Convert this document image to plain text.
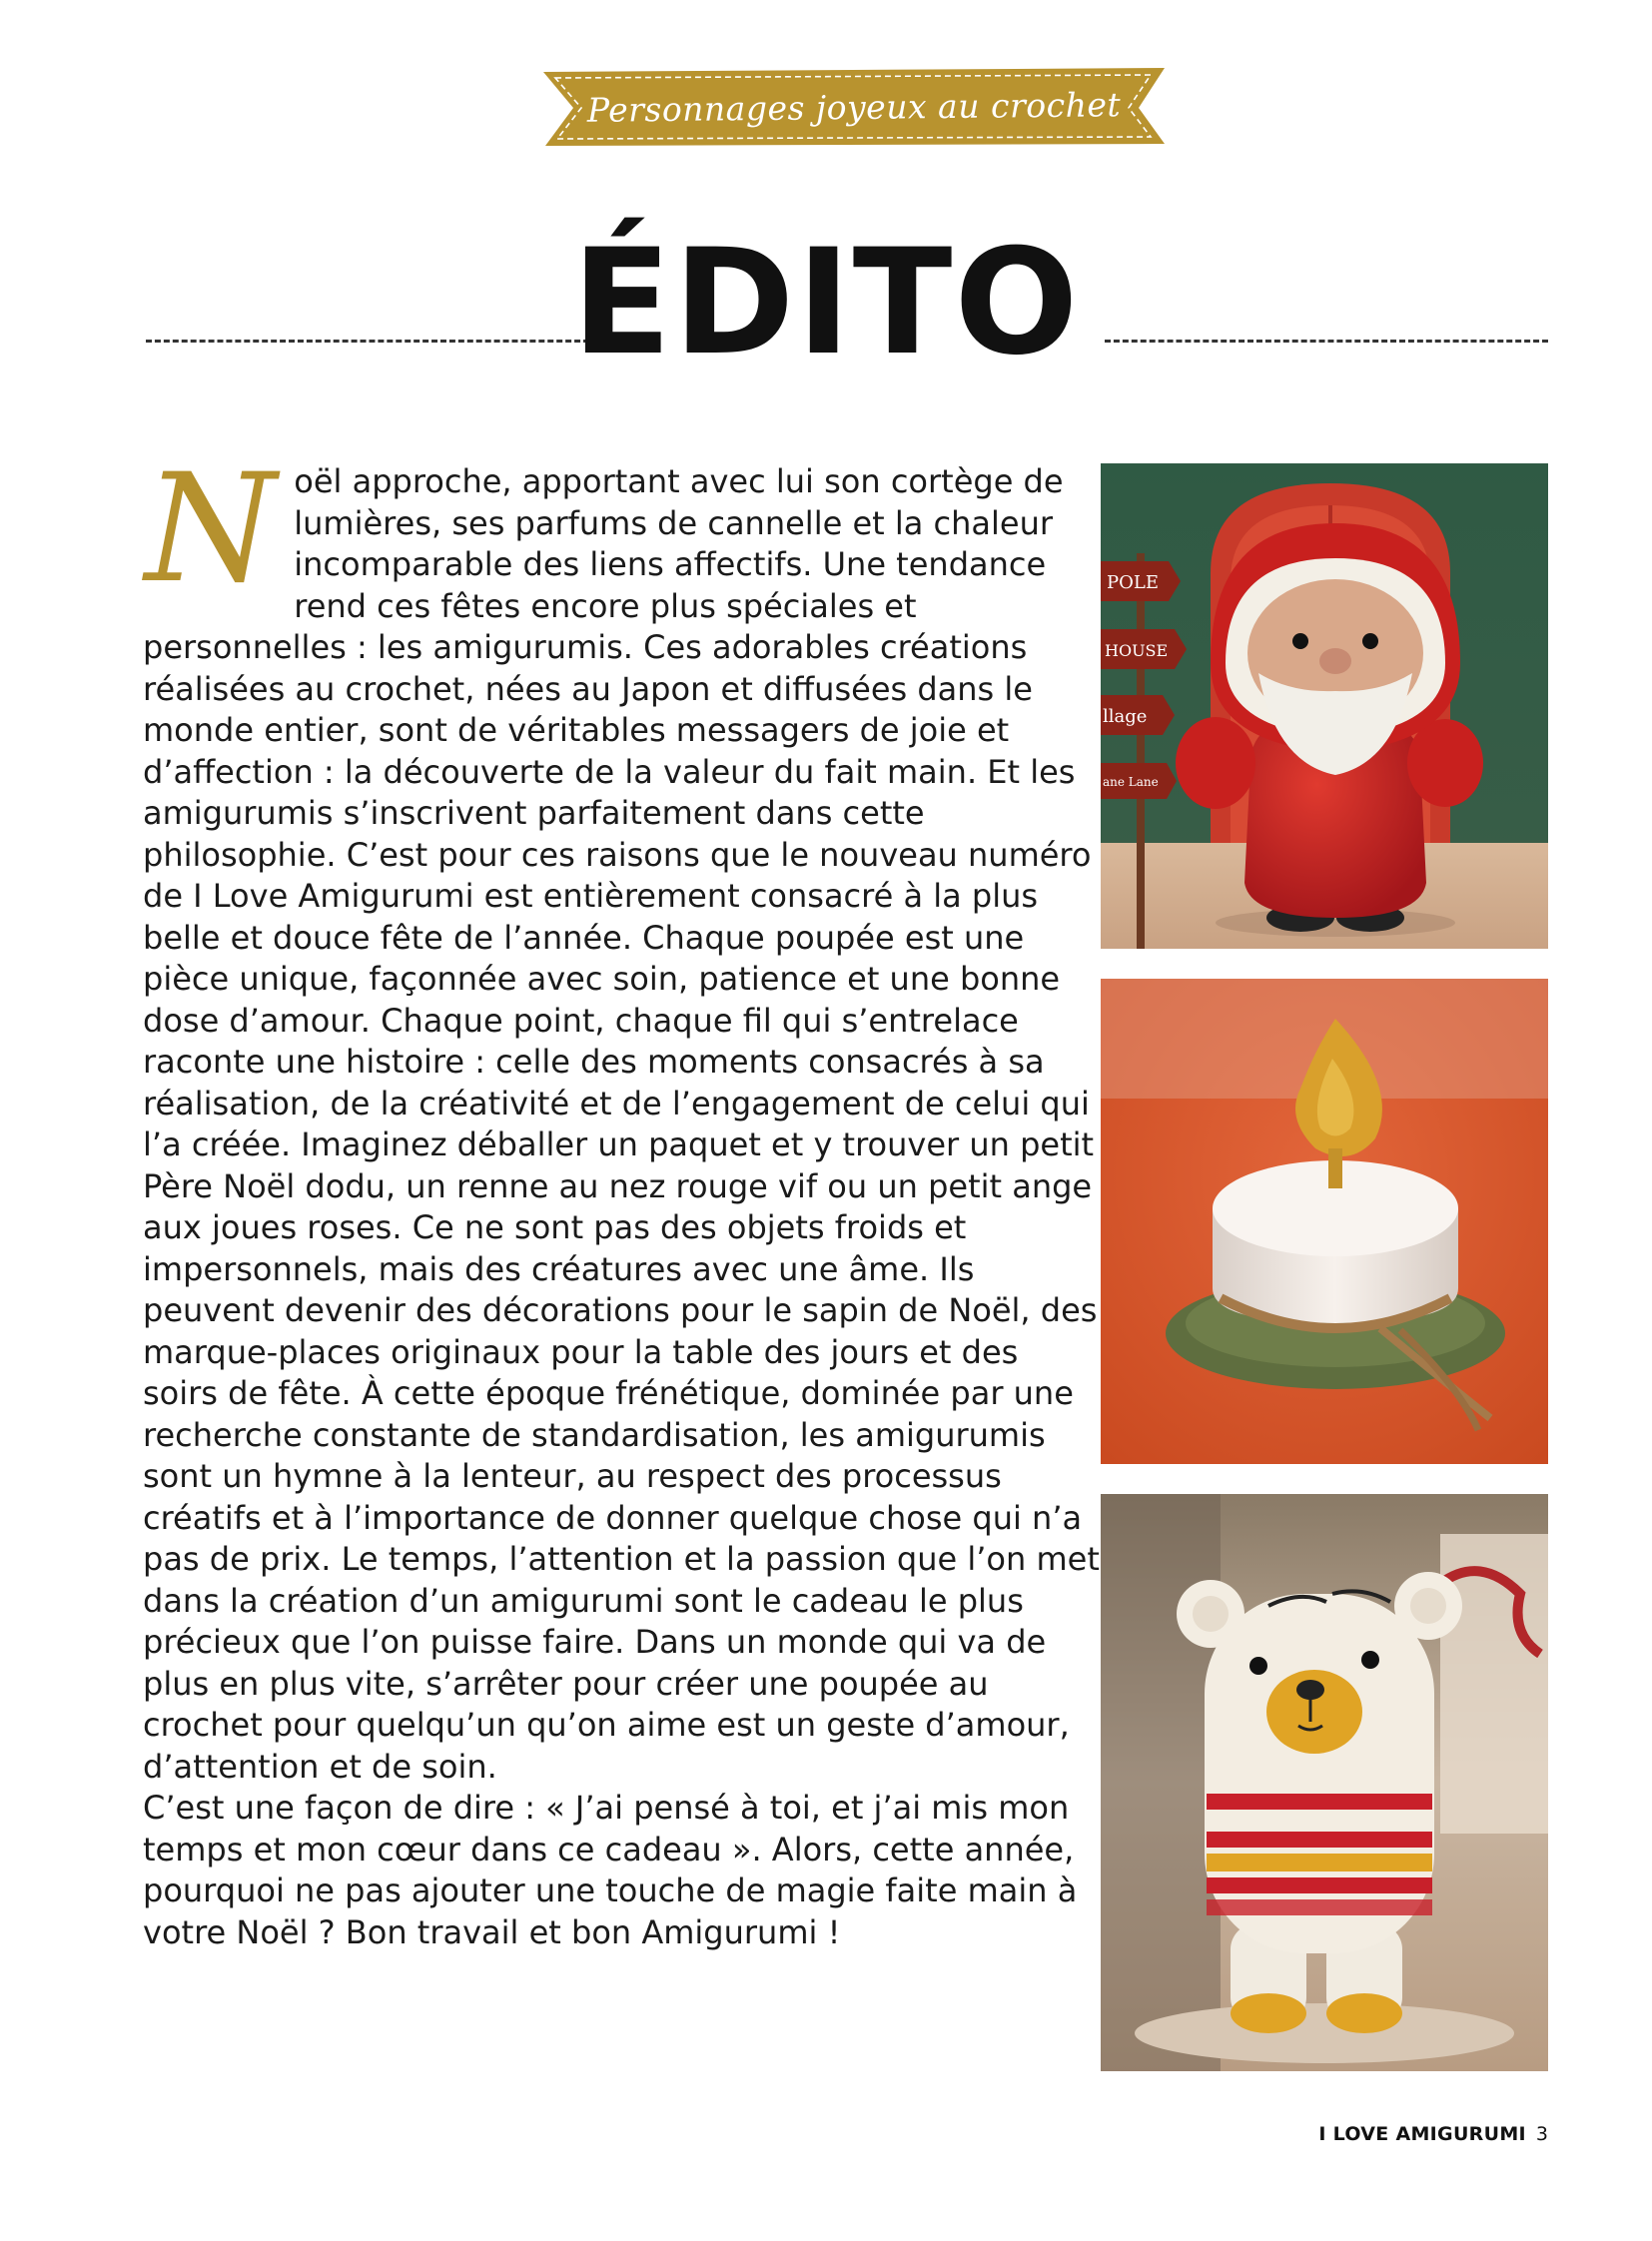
Personnages joyeux au crochet
ÉDITO
N oël approche, apportant avec lui son cortège de lumières, ses parfums de cannelle et la chaleur incomparable des liens affectifs. Une tendance rend ces fêtes encore plus spéciales et personnelles : les amigurumis. Ces adorables créations réalisées au crochet, nées au Japon et diffusées dans le monde entier, sont de véritables messagers de joie et d’affection : la découverte de la valeur du fait main. Et les amigurumis s’inscrivent parfaitement dans cette philosophie. C’est pour ces raisons que le nouveau numéro de I Love Amigurumi est entièrement consacré à la plus belle et douce fête de l’année. Chaque poupée est une pièce unique, façonnée avec soin, patience et une bonne dose d’amour. Chaque point, chaque fil qui s’entrelace raconte une histoire : celle des moments consacrés à sa réalisation, de la créativité et de l’engagement de celui qui l’a créée. Imaginez déballer un paquet et y trouver un petit Père Noël dodu, un renne au nez rouge vif ou un petit ange aux joues roses. Ce ne sont pas des objets froids et impersonnels, mais des créatures avec une âme. Ils peuvent devenir des décorations pour le sapin de Noël, des marque-places originaux pour la table des jours et des soirs de fête. À cette époque frénétique, dominée par une recherche constante de standardisation, les amigurumis sont un hymne à la lenteur, au respect des processus créatifs et à l’importance de donner quelque chose qui n’a pas de prix. Le temps, l’attention et la passion que l’on met dans la création d’un amigurumi sont le cadeau le plus précieux que l’on puisse faire. Dans un monde qui va de plus en plus vite, s’arrêter pour créer une poupée au crochet pour quelqu’un qu’on aime est un geste d’amour, d’attention et de soin.

C’est une façon de dire : « J’ai pensé à toi, et j’ai mis mon temps et mon cœur dans ce cadeau ». Alors, cette année, pourquoi ne pas ajouter une touche de magie faite main à votre Noël ? Bon travail et bon Amigurumi !

POLE
HOUSE
llage
ane Lane
I LOVE AMIGURUMI 3
